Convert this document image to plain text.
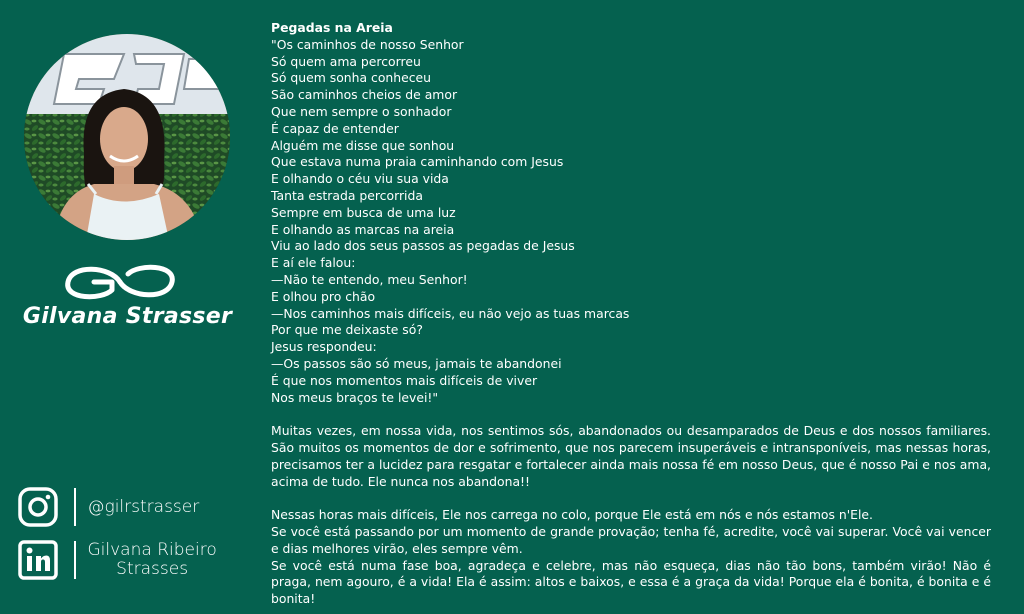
Gilvana Strasser
@gilrstrasser
Gilvana Ribeiro
Strasses
Pegadas na Areia
"Os caminhos de nosso Senhor
Só quem ama percorreu
Só quem sonha conheceu
São caminhos cheios de amor
Que nem sempre o sonhador
É capaz de entender
Alguém me disse que sonhou
Que estava numa praia caminhando com Jesus
E olhando o céu viu sua vida
Tanta estrada percorrida
Sempre em busca de uma luz
E olhando as marcas na areia
Viu ao lado dos seus passos as pegadas de Jesus
E aí ele falou:
—Não te entendo, meu Senhor!
E olhou pro chão
—Nos caminhos mais difíceis, eu não vejo as tuas marcas
Por que me deixaste só?
Jesus respondeu:
—Os passos são só meus, jamais te abandonei
É que nos momentos mais difíceis de viver
Nos meus braços te levei!"
Muitas vezes, em nossa vida, nos sentimos sós, abandonados ou desamparados de Deus e dos nossos familiares. São muitos os momentos de dor e sofrimento, que nos parecem insuperáveis e intransponíveis, mas nessas horas, precisamos ter a lucidez para resgatar e fortalecer ainda mais nossa fé em nosso Deus, que é nosso Pai e nos ama, acima de tudo. Ele nunca nos abandona!!
Nessas horas mais difíceis, Ele nos carrega no colo, porque Ele está em nós e nós estamos n'Ele.
Se você está passando por um momento de grande provação; tenha fé, acredite, você vai superar. Você vai vencer e dias melhores virão, eles sempre vêm.
Se você está numa fase boa, agradeça e celebre, mas não esqueça, dias não tão bons, também virão! Não é praga, nem agouro, é a vida! Ela é assim: altos e baixos, e essa é a graça da vida! Porque ela é bonita, é bonita e é bonita!
